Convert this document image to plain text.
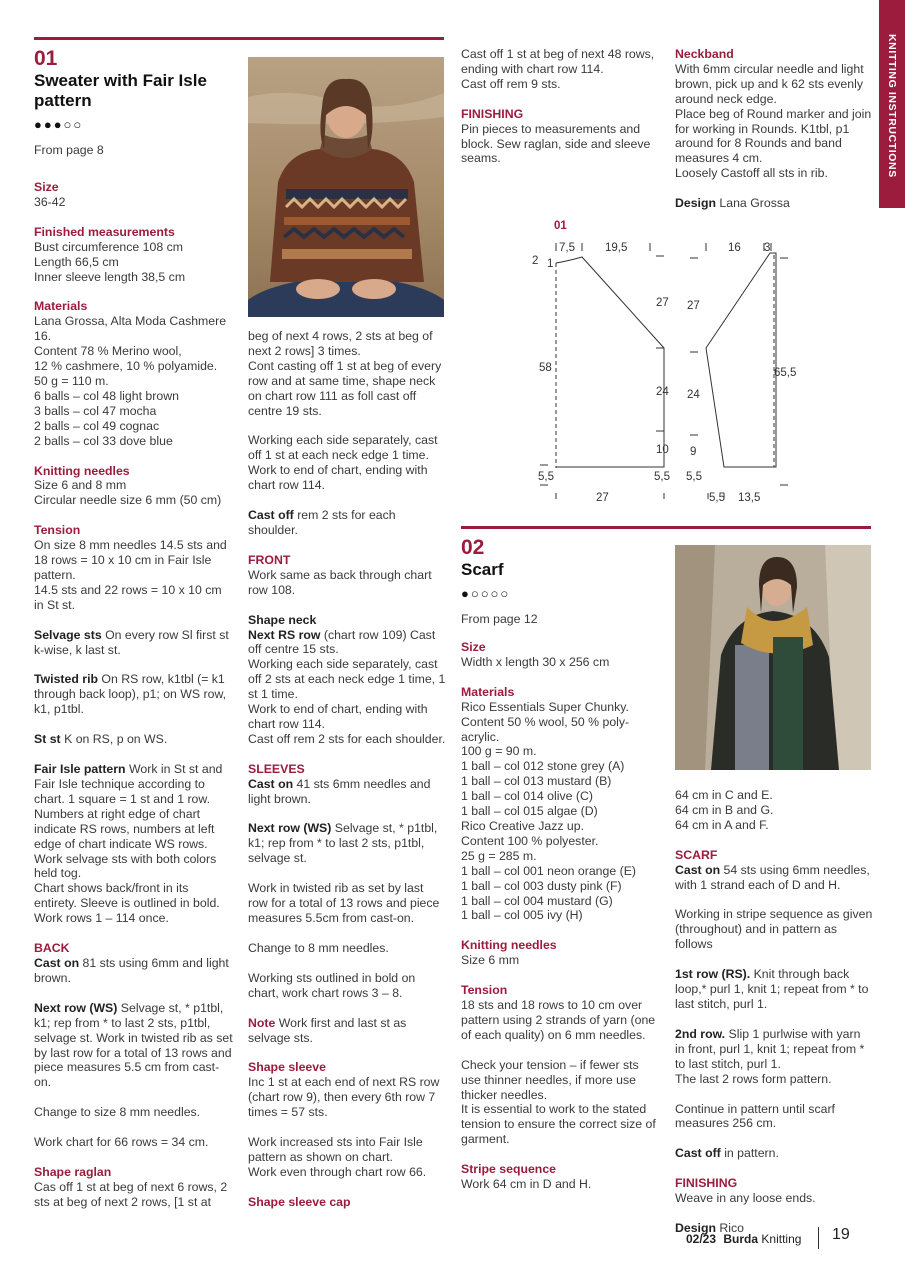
KNITTING INSTRUCTIONS
01
Sweater with Fair Isle pattern
●●●○○
From page 8
Size

36-42

Finished measurements

Bust circumference 108 cm
Length 66,5 cm
Inner sleeve length 38,5 cm

Materials

Lana Grossa, Alta Moda Cashmere 16.
Content 78 % Merino wool,
12 % cashmere, 10 % polyamide.
50 g = 110 m.
6 balls – col 48 light brown
3 balls – col 47 mocha
2 balls – col 49 cognac
2 balls – col 33 dove blue

Knitting needles

Size 6 and 8 mm
Circular needle size 6 mm (50 cm)

Tension

On size 8 mm needles 14.5 sts and 18 rows = 10 x 10 cm in Fair Isle pattern.
14.5 sts and 22 rows = 10 x 10 cm in St st.

Selvage sts On every row Sl first st k-wise, k last st.

Twisted rib On RS row, k1tbl (= k1 through back loop), p1; on WS row, k1, p1tbl.

St st K on RS, p on WS.

Fair Isle pattern Work in St st and Fair Isle technique according to chart. 1 square = 1 st and 1 row. Numbers at right edge of chart indicate RS rows, numbers at left edge of chart indicate WS rows. Work selvage sts with both colors held tog.
Chart shows back/front in its entirety. Sleeve is outlined in bold. Work rows 1 – 114 once.

BACK

Cast on 81 sts using 6mm and light brown.

Next row (WS) Selvage st, * p1tbl, k1; rep from * to last 2 sts, p1tbl, selvage st. Work in twisted rib as set by last row for a total of 13 rows and piece measures 5.5 cm from cast-on.

Change to size 8 mm needles.

Work chart for 66 rows = 34 cm.

Shape raglan

Cas off 1 st at beg of next 6 rows, 2 sts at beg of next 2 rows, [1 st at

beg of next 4 rows, 2 sts at beg of next 2 rows] 3 times.
Cont casting off 1 st at beg of every row and at same time, shape neck on chart row 111 as foll cast off centre 19 sts.

Working each side separately, cast off 1 st at each neck edge 1 time. Work to end of chart, ending with chart row 114.

Cast off rem 2 sts for each shoulder.

FRONT

Work same as back through chart row 108.

Shape neck

Next RS row (chart row 109) Cast off centre 15 sts.
Working each side separately, cast off 2 sts at each neck edge 1 time, 1 st 1 time.
Work to end of chart, ending with chart row 114.
Cast off rem 2 sts for each shoulder.

SLEEVES

Cast on 41 sts 6mm needles and light brown.

Next row (WS) Selvage st, * p1tbl, k1; rep from * to last 2 sts, p1tbl, selvage st.

Work in twisted rib as set by last row for a total of 13 rows and piece measures 5.5cm from cast-on.

Change to 8 mm needles.

Working sts outlined in bold on chart, work chart rows 3 – 8.

Note Work first and last st as selvage sts.

Shape sleeve

Inc 1 st at each end of next RS row (chart row 9), then every 6th row 7 times = 57 sts.

Work increased sts into Fair Isle pattern as shown on chart.
Work even through chart row 66.

Shape sleeve cap

Cast off 1 st at beg of next 48 rows, ending with chart row 114.
Cast off rem 9 sts.

FINISHING

Pin pieces to measurements and block. Sew raglan, side and sleeve seams.

Neckband

With 6mm circular needle and light brown, pick up and k 62 sts evenly around neck edge.
Place beg of Round marker and join for working in Rounds. K1tbl, p1 around for 8 Rounds and band measures 4 cm.
Loosely Castoff all sts in rib.

Design Lana Grossa

01
7,5	19,5
2 1
58
27
24
10
5,5
5,5
27
16 3
27
24
9
5,5
65,5
5,5 13,5
02
Scarf
●○○○○
From page 12
Size

Width x length 30 x 256 cm

Materials

Rico Essentials Super Chunky.
Content 50 % wool, 50 % poly-acrylic.
100 g = 90 m.
1 ball – col 012 stone grey (A)
1 ball – col 013 mustard (B)
1 ball – col 014 olive (C)
1 ball – col 015 algae (D)
Rico Creative Jazz up.
Content 100 % polyester.
25 g = 285 m.
1 ball – col 001 neon orange (E)
1 ball – col 003 dusty pink (F)
1 ball – col 004 mustard (G)
1 ball – col 005 ivy (H)

Knitting needles

Size 6 mm

Tension

18 sts and 18 rows to 10 cm over pattern using 2 strands of yarn (one of each quality) on 6 mm needles.

Check your tension – if fewer sts use thinner needles, if more use thicker needles.
It is essential to work to the stated tension to ensure the correct size of garment.

Stripe sequence

Work 64 cm in D and H.

64 cm in C and E.
64 cm in B and G.
64 cm in A and F.

SCARF

Cast on 54 sts using 6mm needles, with 1 strand each of D and H.

Working in stripe sequence as given (throughout) and in pattern as follows

1st row (RS). Knit through back loop,* purl 1, knit 1; repeat from * to last stitch, purl 1.

2nd row. Slip 1 purlwise with yarn in front, purl 1, knit 1; repeat from * to last stitch, purl 1.
The last 2 rows form pattern.

Continue in pattern until scarf measures 256 cm.

Cast off in pattern.

FINISHING

Weave in any loose ends.

Design Rico

02/23 Burda Knitting 19
